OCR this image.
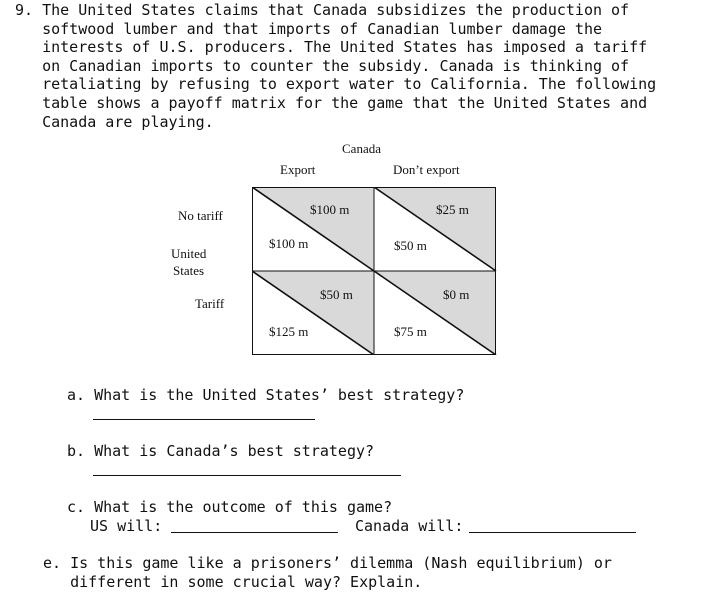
9. The United States claims that Canada subsidizes the production of
softwood lumber and that imports of Canadian lumber damage the
interests of U.S. producers. The United States has imposed a tariff
on Canadian imports to counter the subsidy. Canada is thinking of
retaliating by refusing to export water to California. The following
table shows a payoff matrix for the game that the United States and
Canada are playing.
Canada
Export	Don’t export
No tariff
United
States
Tariff
$100 m
$100 m
$25 m
$50 m
$50 m
$125 m
$0 m
$75 m
a. What is the United States’ best strategy?
b. What is Canada’s best strategy?
c. What is the outcome of this game?
US will:	Canada will:
e. Is this game like a prisoners’ dilemma (Nash equilibrium) or
different in some crucial way? Explain.
